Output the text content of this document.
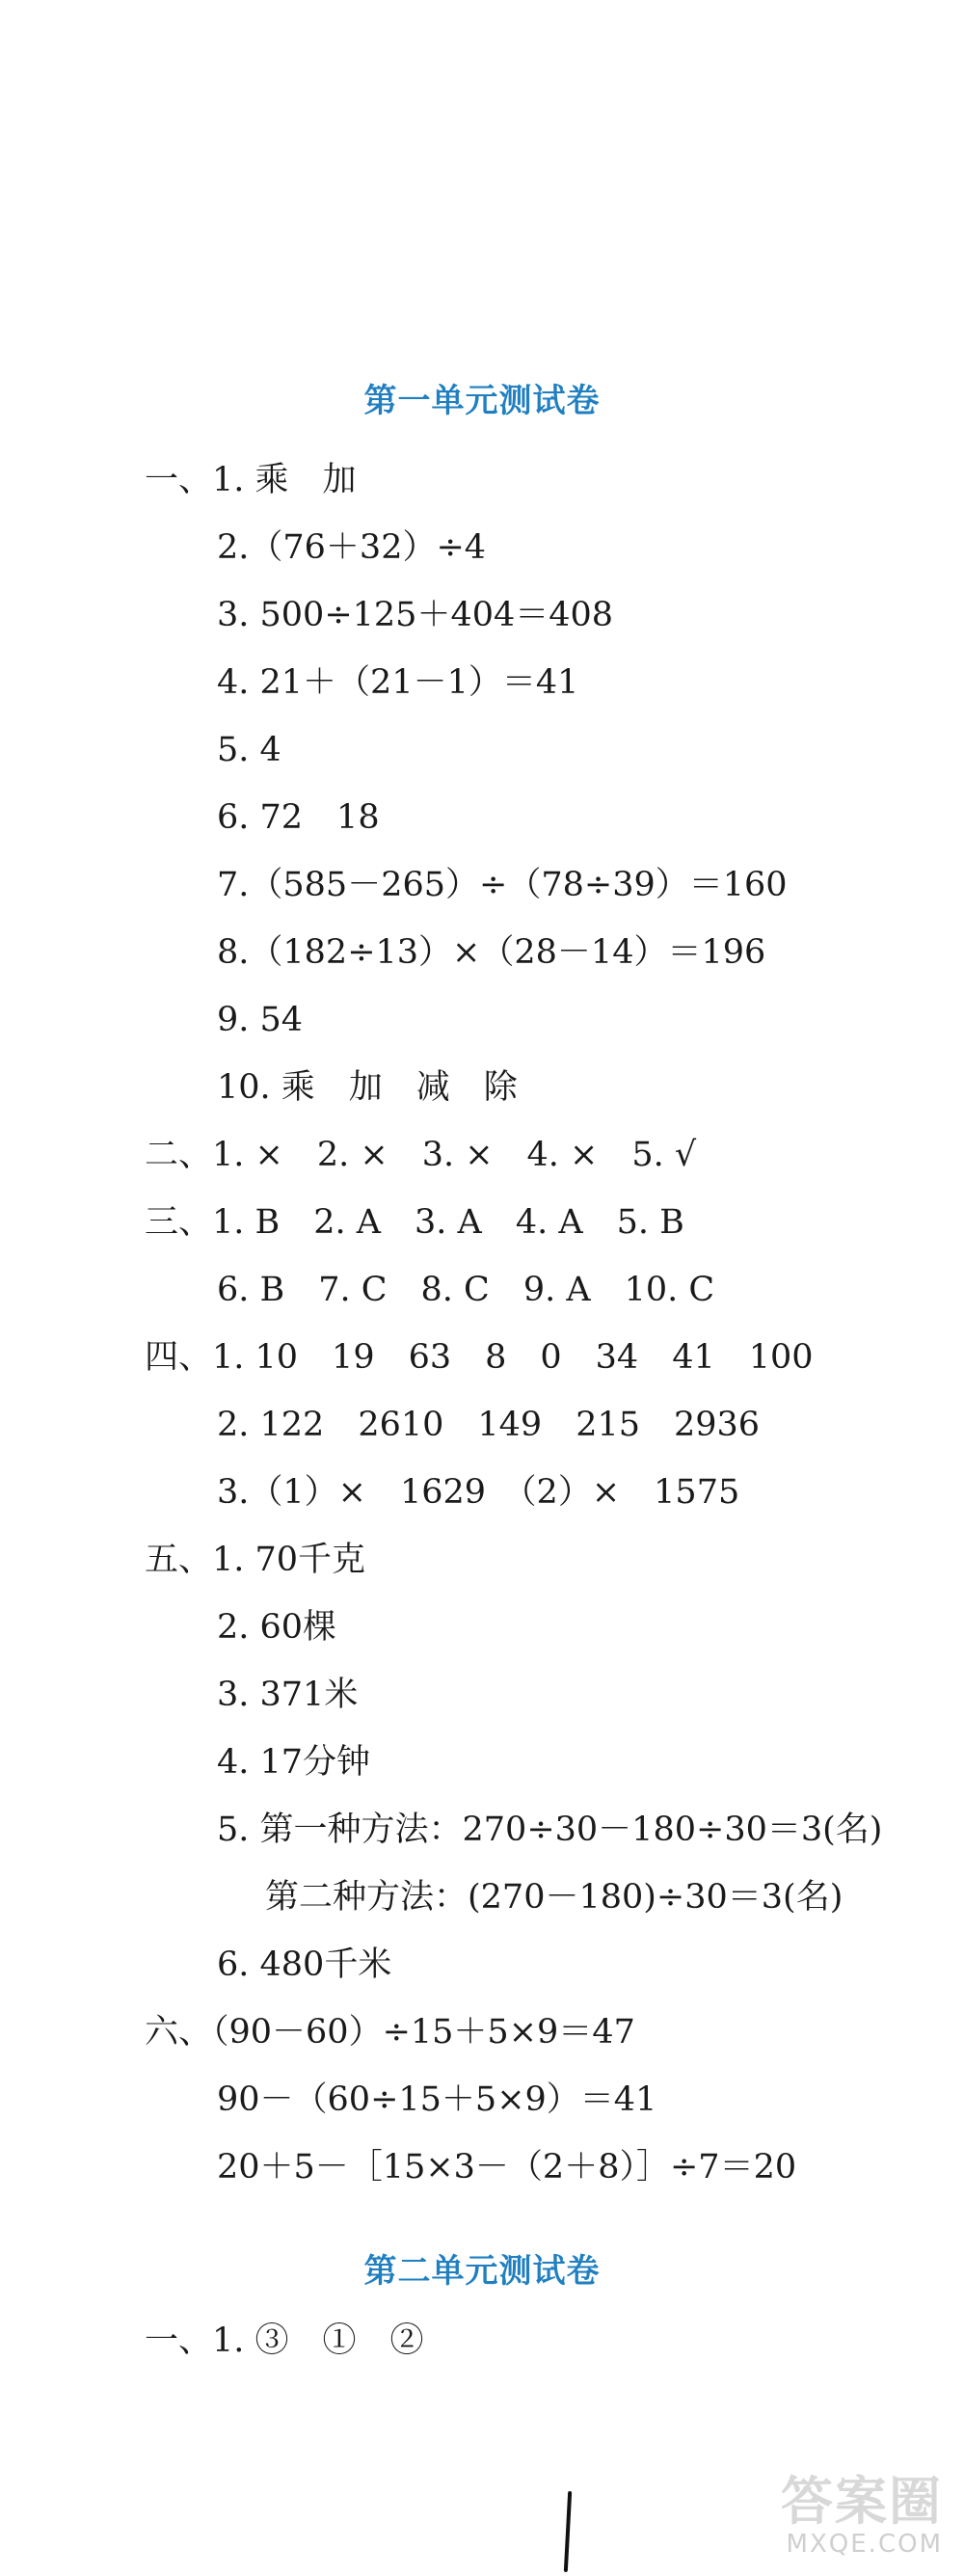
第一单元测试卷
一、1. 乘　加
2.（76＋32）÷4
3. 500÷125＋404＝408
4. 21＋（21－1）＝41
5. 4
6. 72　18
7.（585－265）÷（78÷39）＝160
8.（182÷13）×（28－14）＝196
9. 54
10. 乘　加　减　除
二、1. ×　2. ×　3. ×　4. ×　5. √
三、1. B　2. A　3. A　4. A　5. B
6. B　7. C　8. C　9. A　10. C
四、1. 10　19　63　8　0　34　41　100
2. 122　2610　149　215　2936
3.（1）×　1629　（2）×　1575
五、1. 70千克
2. 60棵
3. 371米
4. 17分钟
5. 第一种方法：270÷30－180÷30＝3(名)
第二种方法：(270－180)÷30＝3(名)
6. 480千米
六、（90－60）÷15＋5×9＝47
90－（60÷15＋5×9）＝41
20＋5－［15×3－（2＋8）］÷7＝20
第二单元测试卷
一、1. ③　①　②
答案圈
MXQE.COM
